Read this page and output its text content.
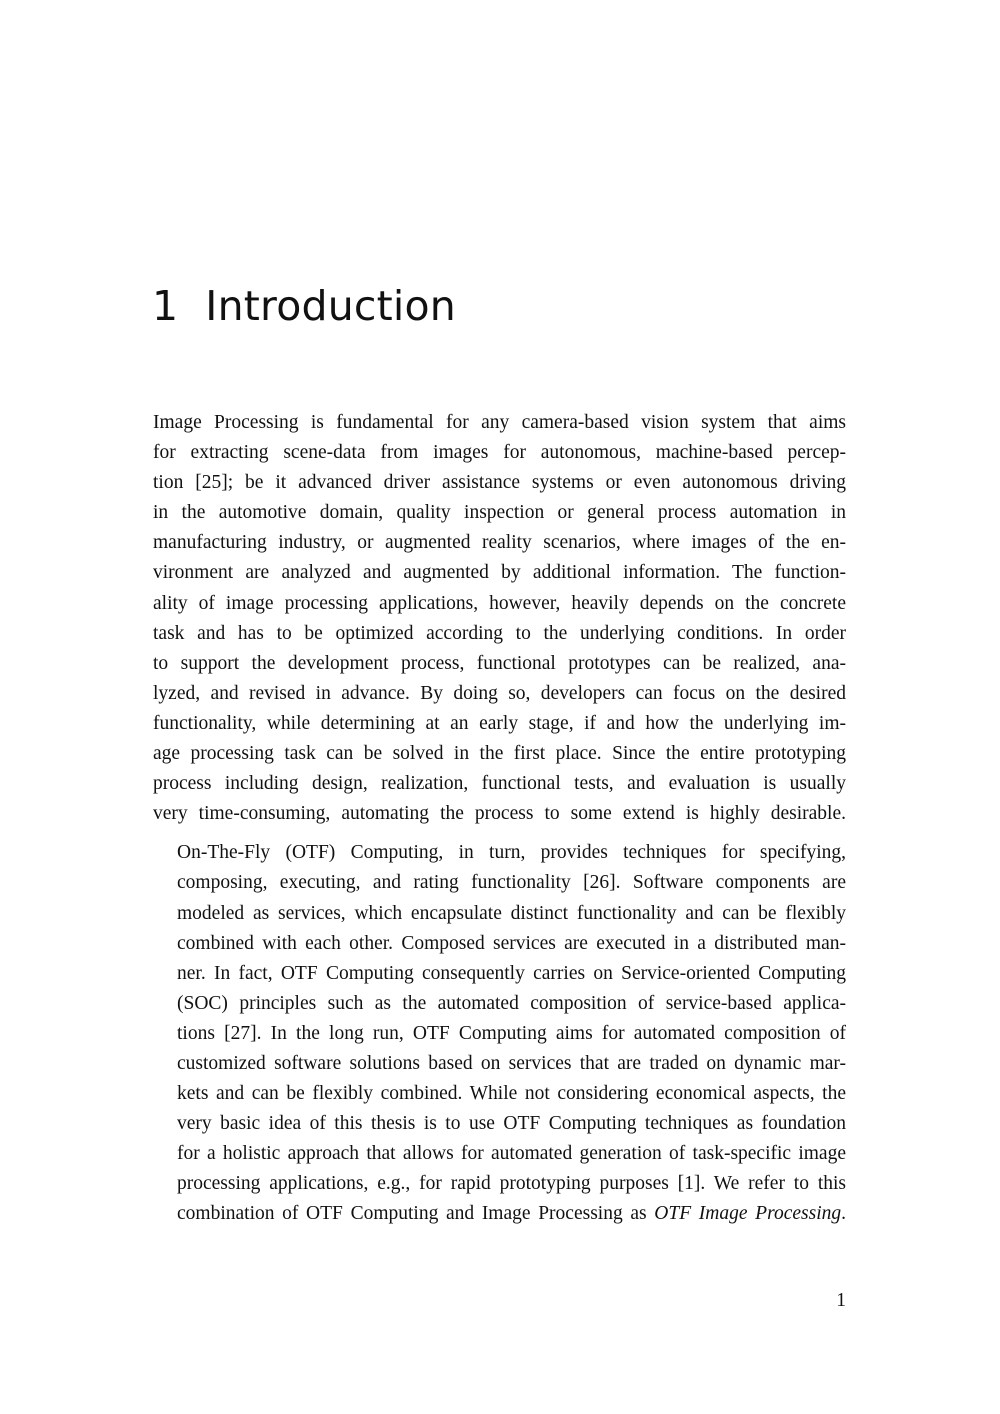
1 Introduction

Image Processing is fundamental for any camera-based vision system that aims
for extracting scene-data from images for autonomous, machine-based percep-
tion [25]; be it advanced driver assistance systems or even autonomous driving
in the automotive domain, quality inspection or general process automation in
manufacturing industry, or augmented reality scenarios, where images of the en-
vironment are analyzed and augmented by additional information. The function-
ality of image processing applications, however, heavily depends on the concrete
task and has to be optimized according to the underlying conditions. In order
to support the development process, functional prototypes can be realized, ana-
lyzed, and revised in advance. By doing so, developers can focus on the desired
functionality, while determining at an early stage, if and how the underlying im-
age processing task can be solved in the first place. Since the entire prototyping
process including design, realization, functional tests, and evaluation is usually
very time-consuming, automating the process to some extend is highly desirable.

On-The-Fly (OTF) Computing, in turn, provides techniques for specifying,
composing, executing, and rating functionality [26]. Software components are
modeled as services, which encapsulate distinct functionality and can be flexibly
combined with each other. Composed services are executed in a distributed man-
ner. In fact, OTF Computing consequently carries on Service-oriented Computing
(SOC) principles such as the automated composition of service-based applica-
tions [27]. In the long run, OTF Computing aims for automated composition of
customized software solutions based on services that are traded on dynamic mar-
kets and can be flexibly combined. While not considering economical aspects, the
very basic idea of this thesis is to use OTF Computing techniques as foundation
for a holistic approach that allows for automated generation of task-specific image
processing applications, e.g., for rapid prototyping purposes [1]. We refer to this
combination of OTF Computing and Image Processing as OTF Image Processing.

1
